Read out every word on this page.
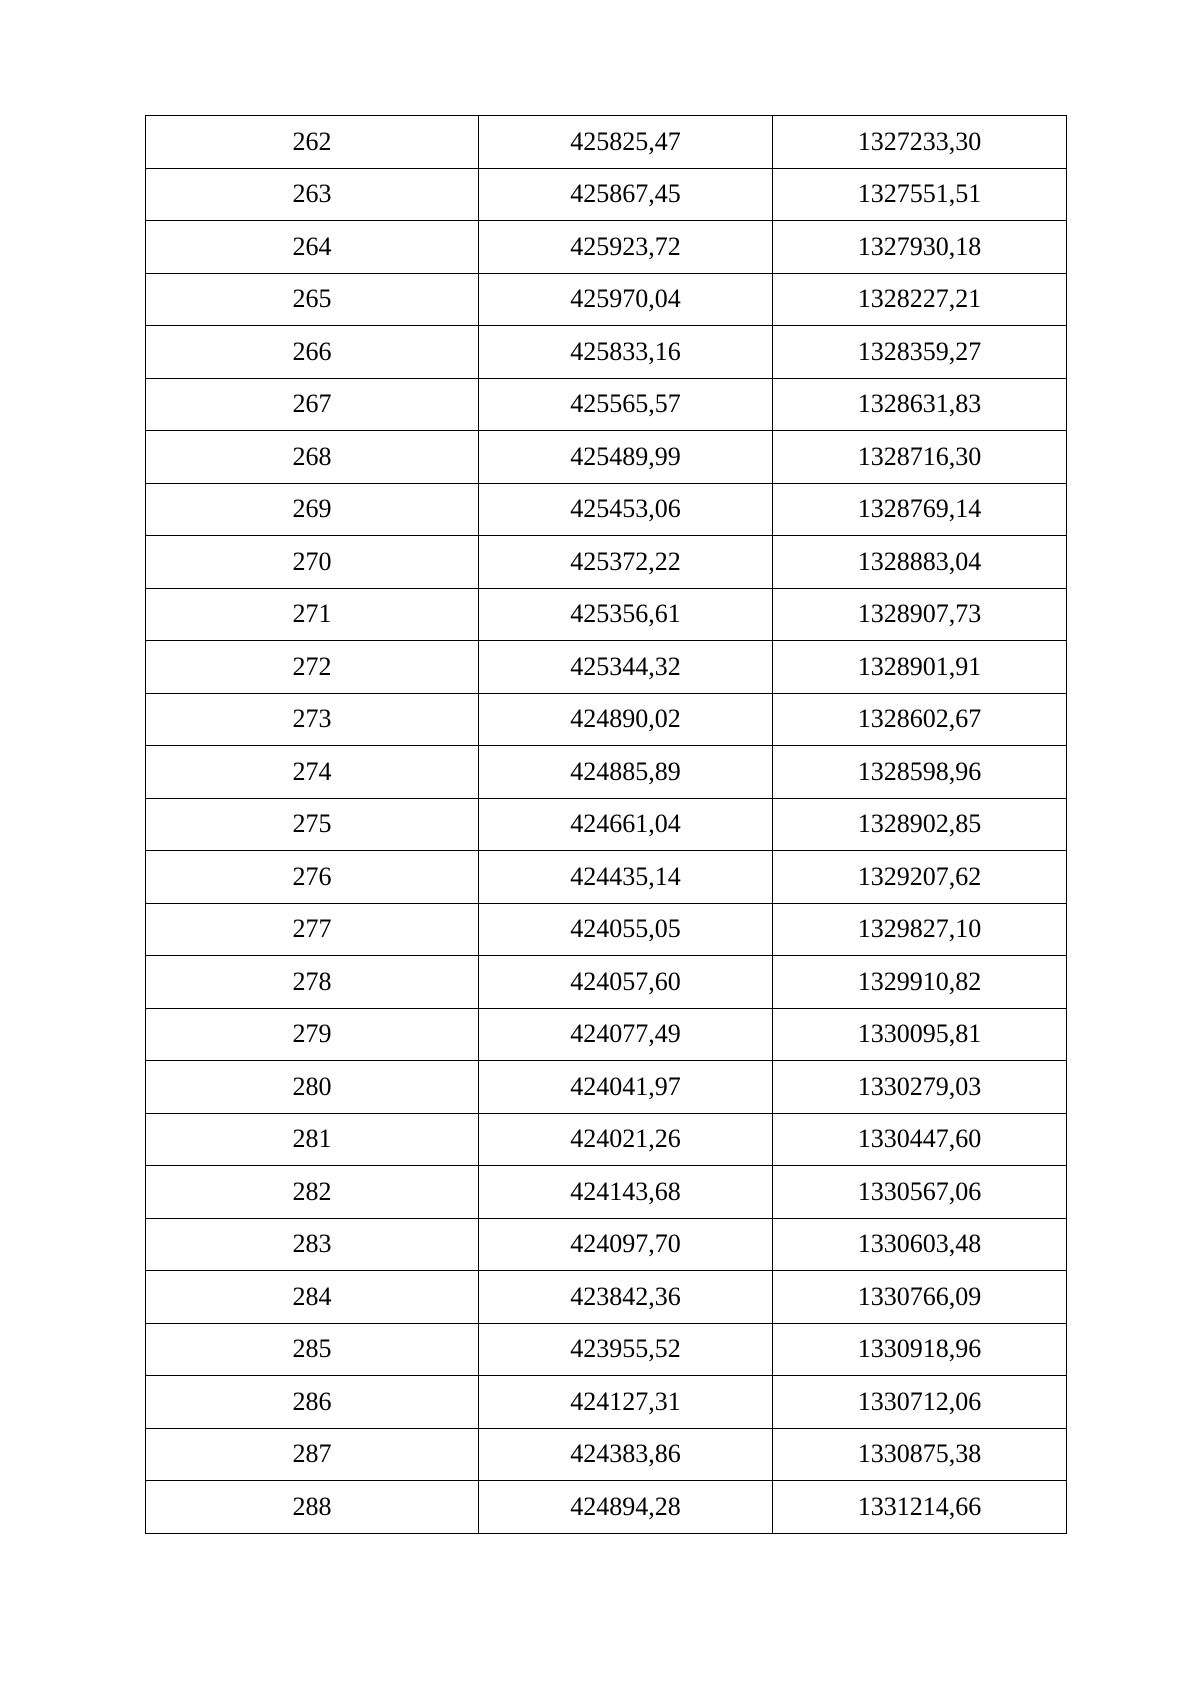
262	425825,47	1327233,30
263	425867,45	1327551,51
264	425923,72	1327930,18
265	425970,04	1328227,21
266	425833,16	1328359,27
267	425565,57	1328631,83
268	425489,99	1328716,30
269	425453,06	1328769,14
270	425372,22	1328883,04
271	425356,61	1328907,73
272	425344,32	1328901,91
273	424890,02	1328602,67
274	424885,89	1328598,96
275	424661,04	1328902,85
276	424435,14	1329207,62
277	424055,05	1329827,10
278	424057,60	1329910,82
279	424077,49	1330095,81
280	424041,97	1330279,03
281	424021,26	1330447,60
282	424143,68	1330567,06
283	424097,70	1330603,48
284	423842,36	1330766,09
285	423955,52	1330918,96
286	424127,31	1330712,06
287	424383,86	1330875,38
288	424894,28	1331214,66
